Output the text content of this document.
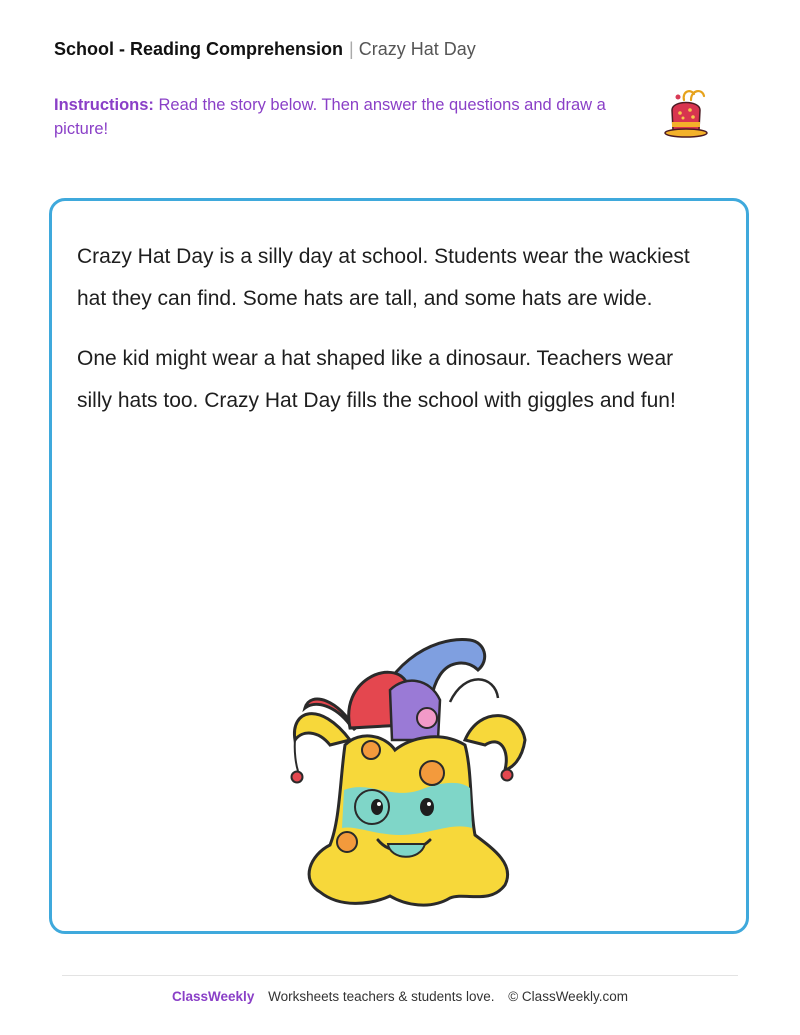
School - Reading Comprehension | Crazy Hat Day
Instructions: Read the story below. Then answer the questions and draw a picture!

Crazy Hat Day is a silly day at school. Students wear the wackiest hat they can find. Some hats are tall, and some hats are wide.

One kid might wear a hat shaped like a dinosaur. Teachers wear silly hats too. Crazy Hat Day fills the school with giggles and fun!

ClassWeekly Worksheets teachers & students love. © ClassWeekly.com
